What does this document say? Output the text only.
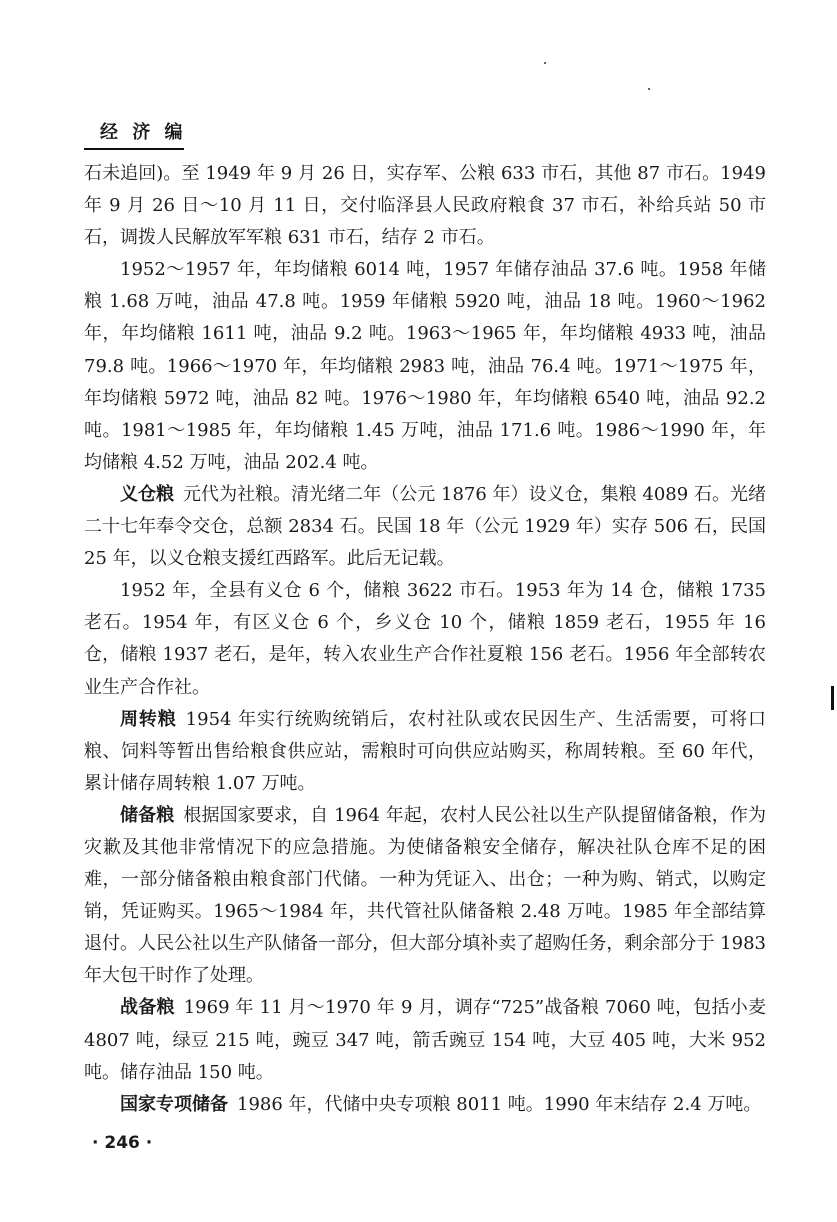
经 济 编

石未追回)。至 1949 年 9 月 26 日，实存军、公粮 633 市石，其他 87 市石。1949 年 9 月 26 日～10 月 11 日，交付临泽县人民政府粮食 37 市石，补给兵站 50 市石，调拨人民解放军军粮 631 市石，结存 2 市石。

1952～1957 年，年均储粮 6014 吨，1957 年储存油品 37.6 吨。1958 年储粮 1.68 万吨，油品 47.8 吨。1959 年储粮 5920 吨，油品 18 吨。1960～1962 年，年均储粮 1611 吨，油品 9.2 吨。1963～1965 年，年均储粮 4933 吨，油品 79.8 吨。1966～1970 年，年均储粮 2983 吨，油品 76.4 吨。1971～1975 年，年均储粮 5972 吨，油品 82 吨。1976～1980 年，年均储粮 6540 吨，油品 92.2 吨。1981～1985 年，年均储粮 1.45 万吨，油品 171.6 吨。1986～1990 年，年均储粮 4.52 万吨，油品 202.4 吨。

义仓粮 元代为社粮。清光绪二年（公元 1876 年）设义仓，集粮 4089 石。光绪二十七年奉令交仓，总额 2834 石。民国 18 年（公元 1929 年）实存 506 石，民国 25 年，以义仓粮支援红西路军。此后无记载。

1952 年，全县有义仓 6 个，储粮 3622 市石。1953 年为 14 仓，储粮 1735 老石。1954 年，有区义仓 6 个，乡义仓 10 个，储粮 1859 老石，1955 年 16 仓，储粮 1937 老石，是年，转入农业生产合作社夏粮 156 老石。1956 年全部转农业生产合作社。

周转粮 1954 年实行统购统销后，农村社队或农民因生产、生活需要，可将口粮、饲料等暂出售给粮食供应站，需粮时可向供应站购买，称周转粮。至 60 年代，累计储存周转粮 1.07 万吨。

储备粮 根据国家要求，自 1964 年起，农村人民公社以生产队提留储备粮，作为灾歉及其他非常情况下的应急措施。为使储备粮安全储存，解决社队仓库不足的困难，一部分储备粮由粮食部门代储。一种为凭证入、出仓；一种为购、销式，以购定销，凭证购买。1965～1984 年，共代管社队储备粮 2.48 万吨。1985 年全部结算退付。人民公社以生产队储备一部分，但大部分填补卖了超购任务，剩余部分于 1983 年大包干时作了处理。

战备粮 1969 年 11 月～1970 年 9 月，调存“725”战备粮 7060 吨，包括小麦 4807 吨，绿豆 215 吨，豌豆 347 吨，箭舌豌豆 154 吨，大豆 405 吨，大米 952 吨。储存油品 150 吨。

国家专项储备 1986 年，代储中央专项粮 8011 吨。1990 年末结存 2.4 万吨。

· 246 ·
